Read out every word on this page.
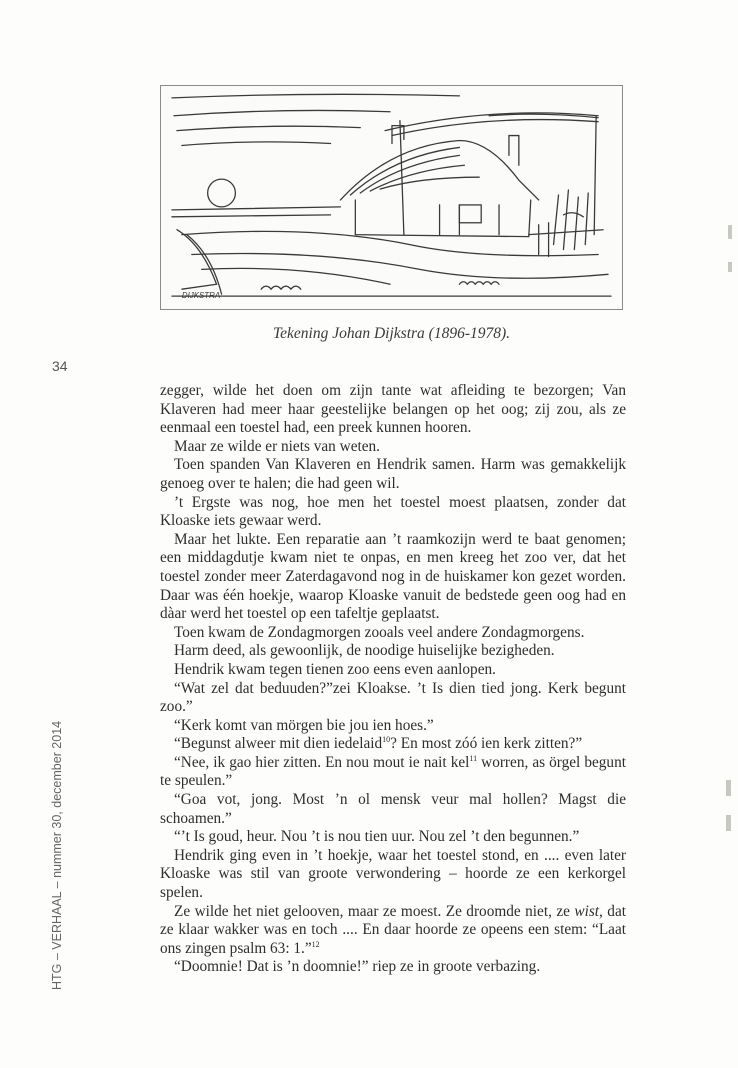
DIJKSTRA
Tekening Johan Dijkstra (1896-1978).
34
HTG – VERHAAL – nummer 30, december 2014

zegger, wilde het doen om zijn tante wat afleiding te bezorgen; Van Klaveren had meer haar geestelijke belangen op het oog; zij zou, als ze eenmaal een toestel had, een preek kunnen hooren.

Maar ze wilde er niets van weten.

Toen spanden Van Klaveren en Hendrik samen. Harm was gemakkelijk genoeg over te halen; die had geen wil.

’t Ergste was nog, hoe men het toestel moest plaatsen, zonder dat Kloaske iets gewaar werd.

Maar het lukte. Een reparatie aan ’t raamkozijn werd te baat genomen; een middagdutje kwam niet te onpas, en men kreeg het zoo ver, dat het toestel zonder meer Zaterdagavond nog in de huiskamer kon gezet worden. Daar was één hoekje, waarop Kloaske vanuit de bedstede geen oog had en dàar werd het toestel op een tafeltje geplaatst.

Toen kwam de Zondagmorgen zooals veel andere Zondagmorgens.

Harm deed, als gewoonlijk, de noodige huiselijke bezigheden.

Hendrik kwam tegen tienen zoo eens even aanlopen.

“Wat zel dat beduuden?”zei Kloakse. ’t Is dien tied jong. Kerk begunt zoo.”

“Kerk komt van mörgen bie jou ien hoes.”

“Begunst alweer mit dien iedelaid$^{10}$? En most zóó ien kerk zitten?”

“Nee, ik gao hier zitten. En nou mout ie nait kel$^{11}$ worren, as örgel begunt te speulen.”

“Goa vot, jong. Most ’n ol mensk veur mal hollen? Magst die schoamen.”

“’t Is goud, heur. Nou ’t is nou tien uur. Nou zel ’t den begunnen.”

Hendrik ging even in ’t hoekje, waar het toestel stond, en .... even later Kloaske was stil van groote verwondering – hoorde ze een kerkorgel spelen.

Ze wilde het niet gelooven, maar ze moest. Ze droomde niet, ze wist, dat ze klaar wakker was en toch .... En daar hoorde ze opeens een stem: “Laat ons zingen psalm 63: 1.”$^{12}$

“Doomnie! Dat is ’n doomnie!” riep ze in groote verbazing.
